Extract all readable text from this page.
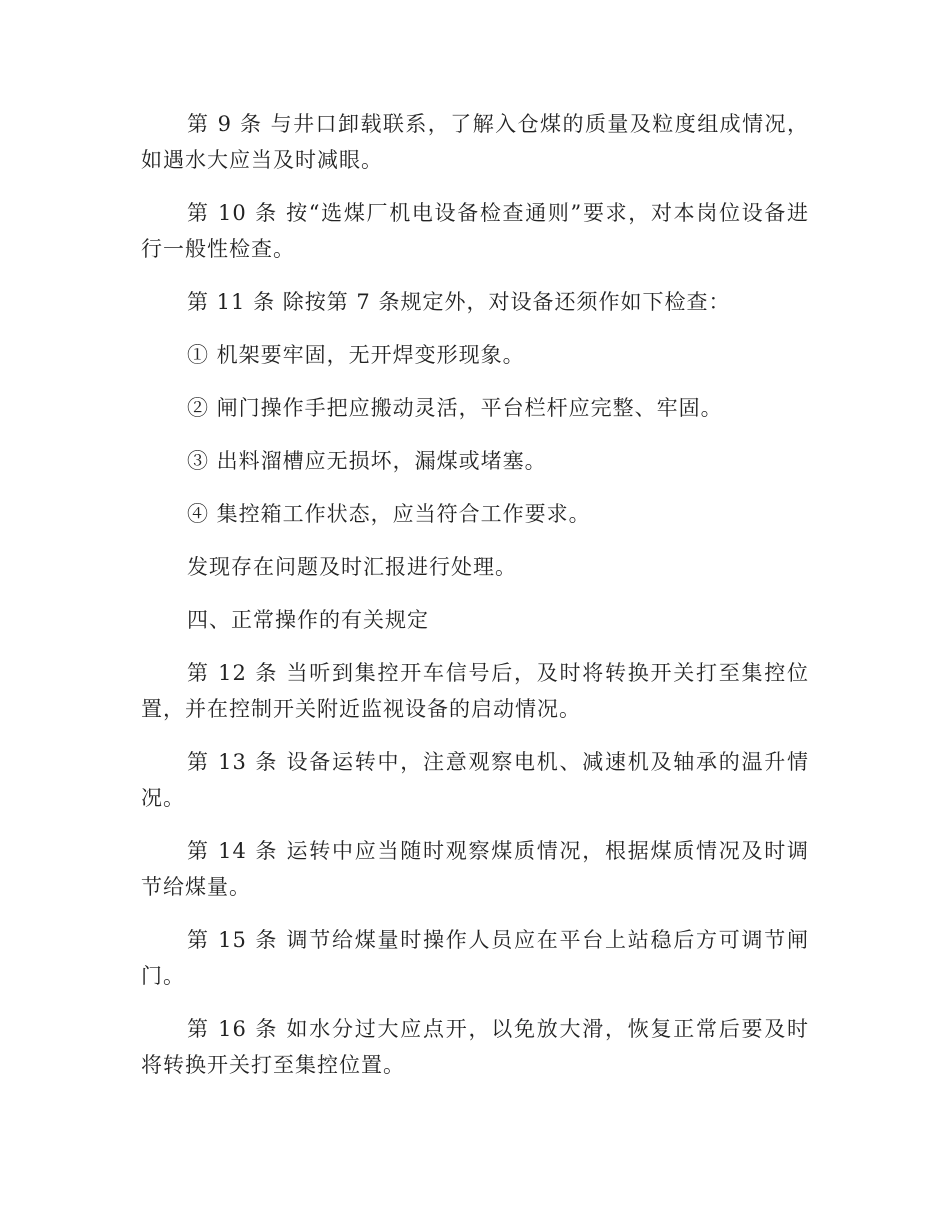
第 9 条 与井口卸载联系，了解入仓煤的质量及粒度组成情况，如遇水大应当及时减眼。

第 10 条 按“选煤厂机电设备检查通则”要求，对本岗位设备进行一般性检查。

第 11 条 除按第 7 条规定外，对设备还须作如下检查：

① 机架要牢固，无开焊变形现象。

② 闸门操作手把应搬动灵活，平台栏杆应完整、牢固。

③ 出料溜槽应无损坏，漏煤或堵塞。

④ 集控箱工作状态，应当符合工作要求。

发现存在问题及时汇报进行处理。

四、正常操作的有关规定

第 12 条 当听到集控开车信号后，及时将转换开关打至集控位置，并在控制开关附近监视设备的启动情况。

第 13 条 设备运转中，注意观察电机、减速机及轴承的温升情况。

第 14 条 运转中应当随时观察煤质情况，根据煤质情况及时调节给煤量。

第 15 条 调节给煤量时操作人员应在平台上站稳后方可调节闸门。

第 16 条 如水分过大应点开，以免放大滑，恢复正常后要及时将转换开关打至集控位置。
